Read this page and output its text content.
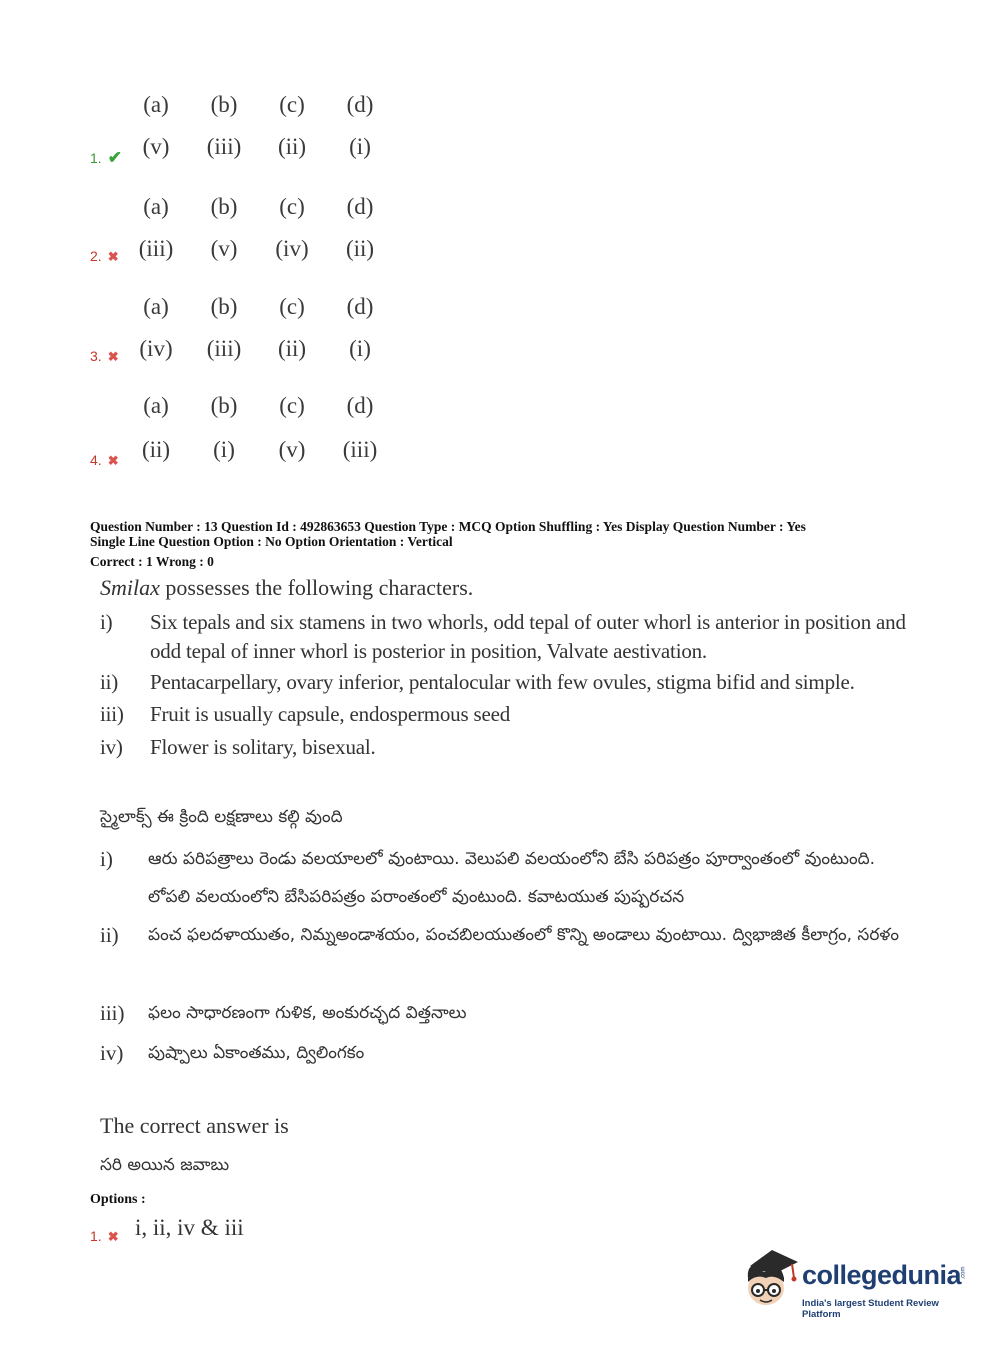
(a)	(b)	(c)	(d)
(v)	(iii)	(ii)	(i)
1. ✔
(a)	(b)	(c)	(d)
(iii)	(v)	(iv)	(ii)
2. ✖
(a)	(b)	(c)	(d)
(iv)	(iii)	(ii)	(i)
3. ✖
(a)	(b)	(c)	(d)
(ii)	(i)	(v)	(iii)
4. ✖
Question Number : 13 Question Id : 492863653 Question Type : MCQ Option Shuffling : Yes Display Question Number : Yes
Single Line Question Option : No Option Orientation : Vertical
Correct : 1 Wrong : 0
Smilax possesses the following characters.
i) Six tepals and six stamens in two whorls, odd tepal of outer whorl is anterior in position and odd tepal of inner whorl is posterior in position, Valvate aestivation.
ii) Pentacarpellary, ovary inferior, pentalocular with few ovules, stigma bifid and simple.
iii) Fruit is usually capsule, endospermous seed
iv) Flower is solitary, bisexual.
స్మైలాక్స్ ఈ క్రింది లక్షణాలు కల్గి వుంది
i) ఆరు పరిపత్రాలు రెండు వలయాలలో వుంటాయి. వెలుపలి వలయంలోని బేసి పరిపత్రం పూర్వాంతంలో వుంటుంది. లోపలి వలయంలోని బేసిపరిపత్రం పరాంతంలో వుంటుంది. కవాటయుత పుష్పరచన
ii) పంచ ఫలదళాయుతం, నిమ్నఅండాశయం, పంచబిలయుతంలో కొన్ని అండాలు వుంటాయి. ద్విభాజిత కీలాగ్రం, సరళం
iii) ఫలం సాధారణంగా గుళిక, అంకురచ్ఛద విత్తనాలు
iv) పుష్పాలు ఏకాంతము, ద్విలింగకం
The correct answer is
సరి అయిన జవాబు
Options :
1. ✖ i, ii, iv & iii
collegedunia .com
India's largest Student Review Platform
